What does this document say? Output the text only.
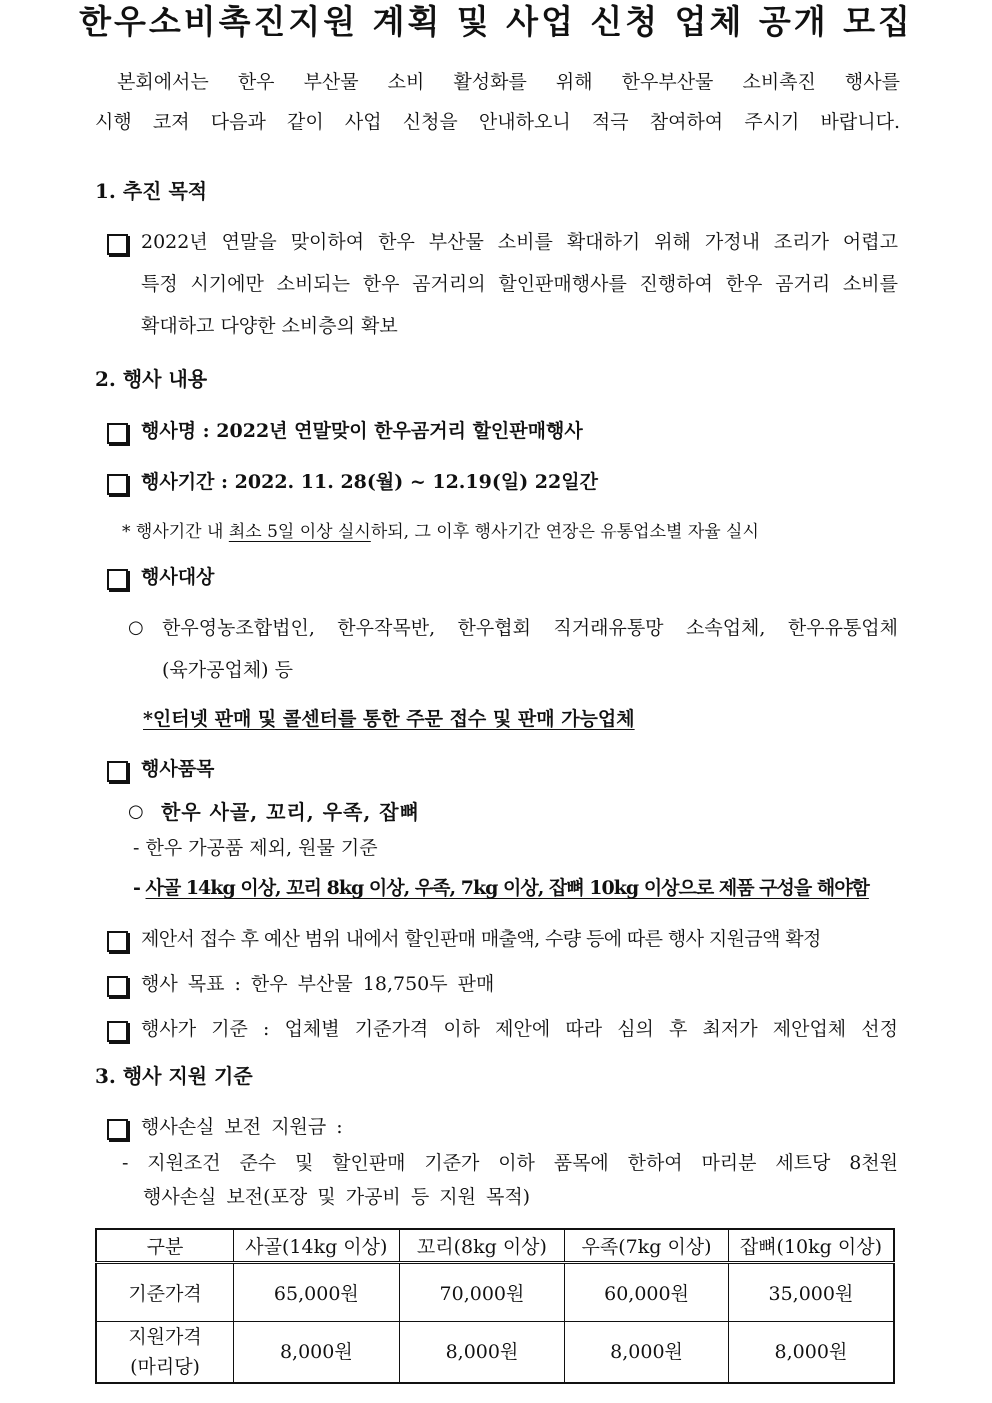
한우소비촉진지원 계획 및 사업 신청 업체 공개 모집
본회에서는 한우 부산물 소비 활성화를 위해 한우부산물 소비촉진 행사를
시행 코져 다음과 같이 사업 신청을 안내하오니 적극 참여하여 주시기 바랍니다.
1. 추진 목적
2022년 연말을 맞이하여 한우 부산물 소비를 확대하기 위해 가정내 조리가 어렵고
특정 시기에만 소비되는 한우 곰거리의 할인판매행사를 진행하여 한우 곰거리 소비를
확대하고 다양한 소비층의 확보
2. 행사 내용
행사명 : 2022년 연말맞이 한우곰거리 할인판매행사
행사기간 : 2022. 11. 28(월) ~ 12.19(일) 22일간
* 행사기간 내 최소 5일 이상 실시하되, 그 이후 행사기간 연장은 유통업소별 자율 실시
행사대상
○ 한우영농조합법인, 한우작목반, 한우협회 직거래유통망 소속업체, 한우유통업체
(육가공업체) 등
*인터넷 판매 및 콜센터를 통한 주문 접수 및 판매 가능업체
행사품목
○ 한우 사골, 꼬리, 우족, 잡뼈
- 한우 가공품 제외, 원물 기준
- 사골 14kg 이상, 꼬리 8kg 이상, 우족, 7kg 이상, 잡뼈 10kg 이상으로 제품 구성을 해야함
제안서 접수 후 예산 범위 내에서 할인판매 매출액, 수량 등에 따른 행사 지원금액 확정
행사 목표 : 한우 부산물 18,750두 판매
행사가 기준 : 업체별 기준가격 이하 제안에 따라 심의 후 최저가 제안업체 선정
3. 행사 지원 기준
행사손실 보전 지원금 :
- 지원조건 준수 및 할인판매 기준가 이하 품목에 한하여 마리분 세트당 8천원
행사손실 보전(포장 및 가공비 등 지원 목적)
구분	사골(14kg 이상)	꼬리(8kg 이상)	우족(7kg 이상)	잡뼈(10kg 이상)
기준가격	65,000원	70,000원	60,000원	35,000원

지원가격
(마리당)	8,000원	8,000원	8,000원	8,000원
